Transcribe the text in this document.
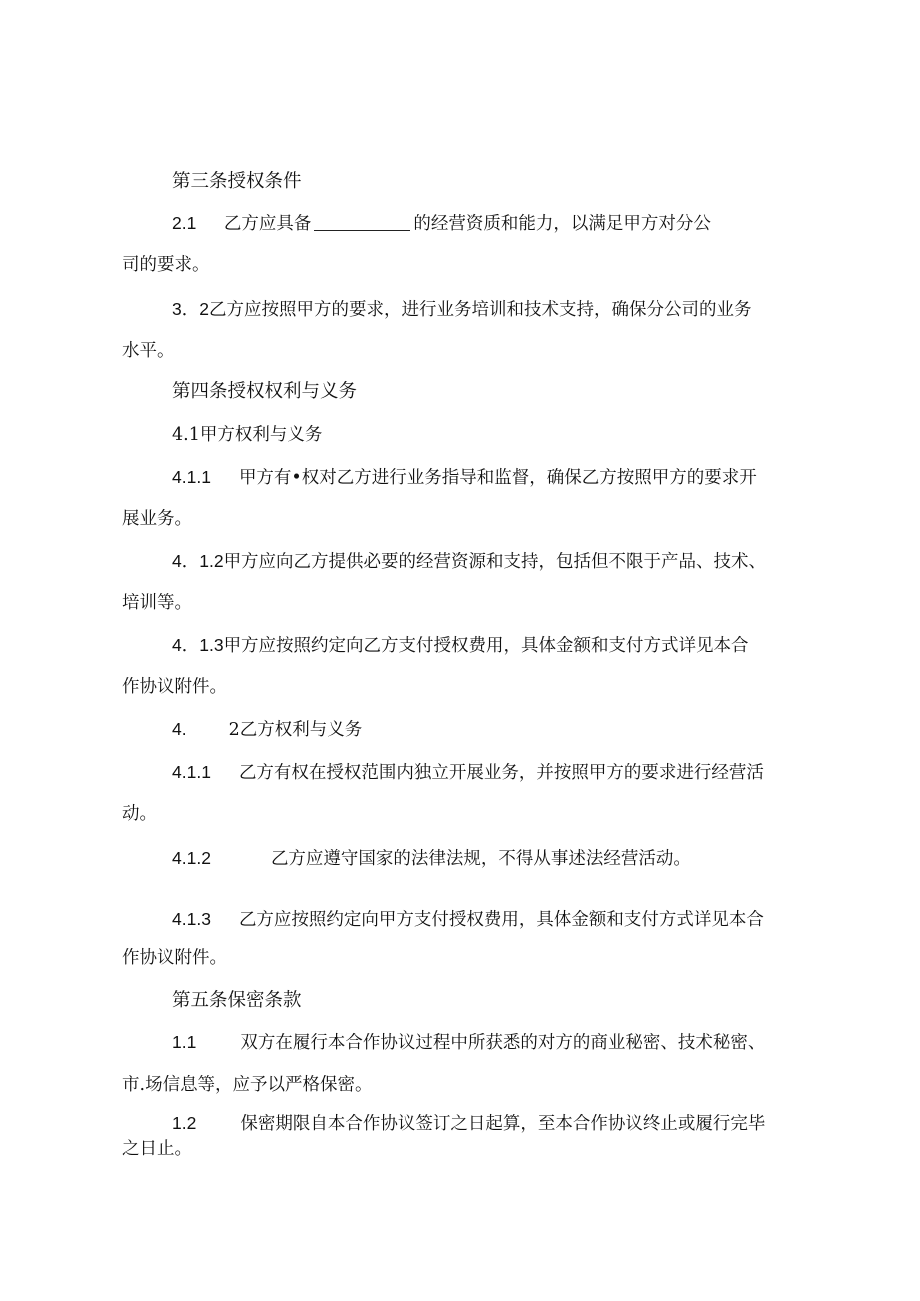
第三条授权条件
2.1 乙方应具备	的经营资质和能力，以满足甲方对分公
司的要求。
3．2乙方应按照甲方的要求，进行业务培训和技术支持，确保分公司的业务
水平。
第四条授权权利与义务
4.1甲方权利与义务
4.1.1 甲方有•权对乙方进行业务指导和监督，确保乙方按照甲方的要求开
展业务。
4．1.2甲方应向乙方提供必要的经营资源和支持，包括但不限于产品、技术、
培训等。
4．1.3甲方应按照约定向乙方支付授权费用，具体金额和支付方式详见本合
作协议附件。
4. 2乙方权利与义务
4.1.1 乙方有权在授权范围内独立开展业务，并按照甲方的要求进行经营活
动。
4.1.2	乙方应遵守国家的法律法规，不得从事述法经营活动。
4.1.3 乙方应按照约定向甲方支付授权费用，具体金额和支付方式详见本合
作协议附件。
第五条保密条款
1.1	双方在履行本合作协议过程中所获悉的对方的商业秘密、技术秘密、
市.场信息等，应予以严格保密。
1.2	保密期限自本合作协议签订之日起算，至本合作协议终止或履行完毕
之日止。
